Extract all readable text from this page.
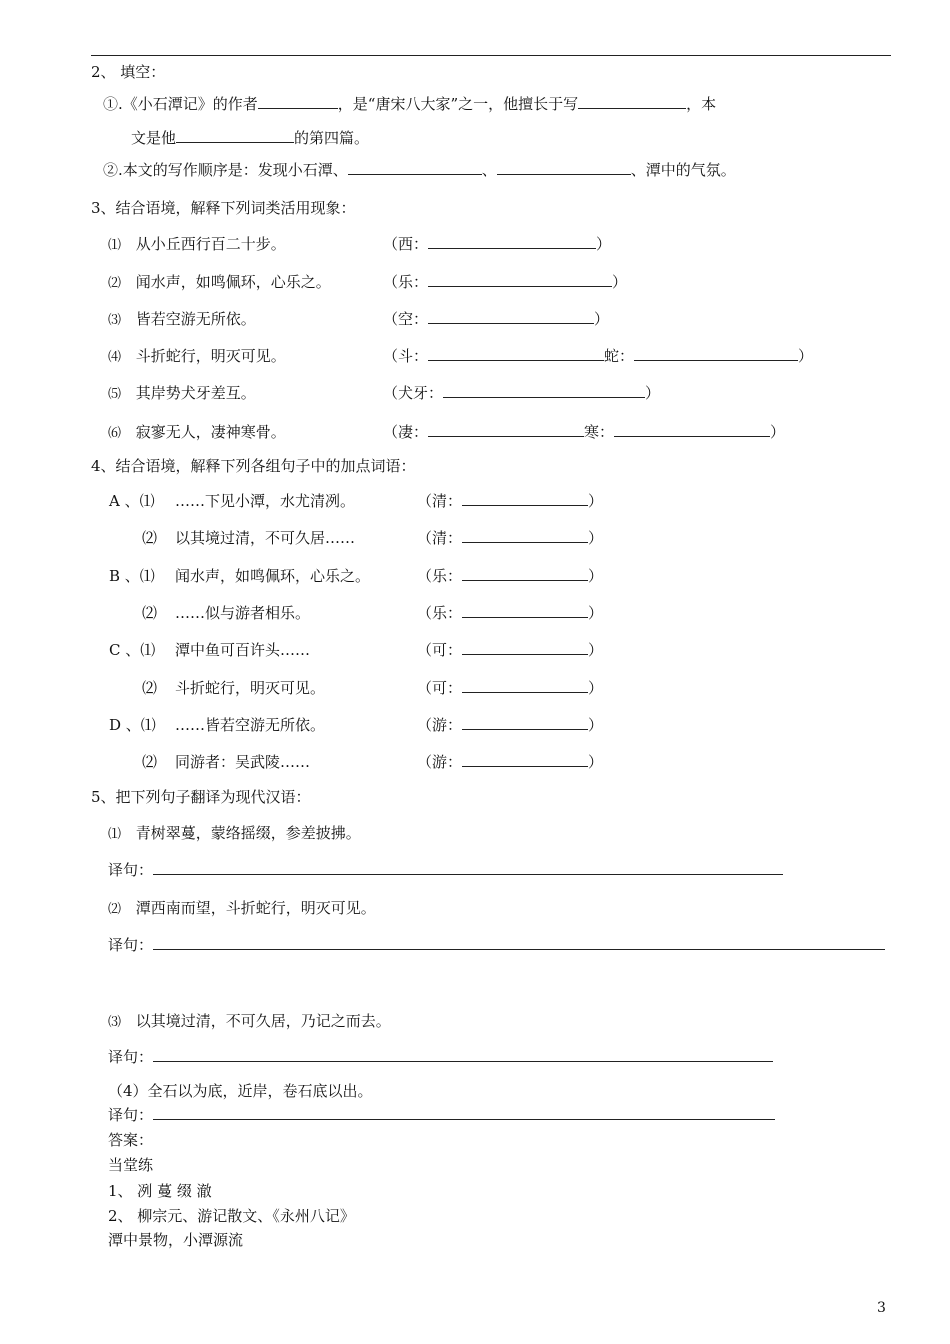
2、 填空：
①.《小石潭记》的作者	，是“唐宋八大家”之一，他擅长于写	，本
文是他	的第四篇。
②.本文的写作顺序是：发现小石潭、	、	、潭中的气氛。
3、结合语境，解释下列词类活用现象：
⑴ 从小丘西行百二十步。	（西：	）
⑵ 闻水声，如鸣佩环，心乐之。	（乐：	）
⑶ 皆若空游无所依。	（空：	）
⑷ 斗折蛇行，明灭可见。	（斗：	蛇：	）
⑸ 其岸势犬牙差互。	（犬牙：	）
⑹ 寂寥无人，凄神寒骨。	（凄：	寒：	）
4、结合语境，解释下列各组句子中的加点词语：
A 、⑴ ……下见小潭，水尤清冽。	（清：	）
⑵ 以其境过清，不可久居……	（清：	）
B 、⑴ 闻水声，如鸣佩环，心乐之。	（乐：	）
⑵ ……似与游者相乐。	（乐：	）
C 、⑴ 潭中鱼可百许头……	（可：	）
⑵ 斗折蛇行，明灭可见。	（可：	）
D 、⑴ ……皆若空游无所依。	（游：	）
⑵ 同游者：吴武陵……	（游：	）
5、把下列句子翻译为现代汉语：
⑴ 青树翠蔓，蒙络摇缀，参差披拂。
译句：
⑵ 潭西南而望，斗折蛇行，明灭可见。
译句：
⑶ 以其境过清，不可久居，乃记之而去。
译句：
（4）全石以为底，近岸，卷石底以出。
译句：
答案：
当堂练
1、 冽 蔓 缀 澈
2、 柳宗元、游记散文、《永州八记》
潭中景物，小潭源流
3
